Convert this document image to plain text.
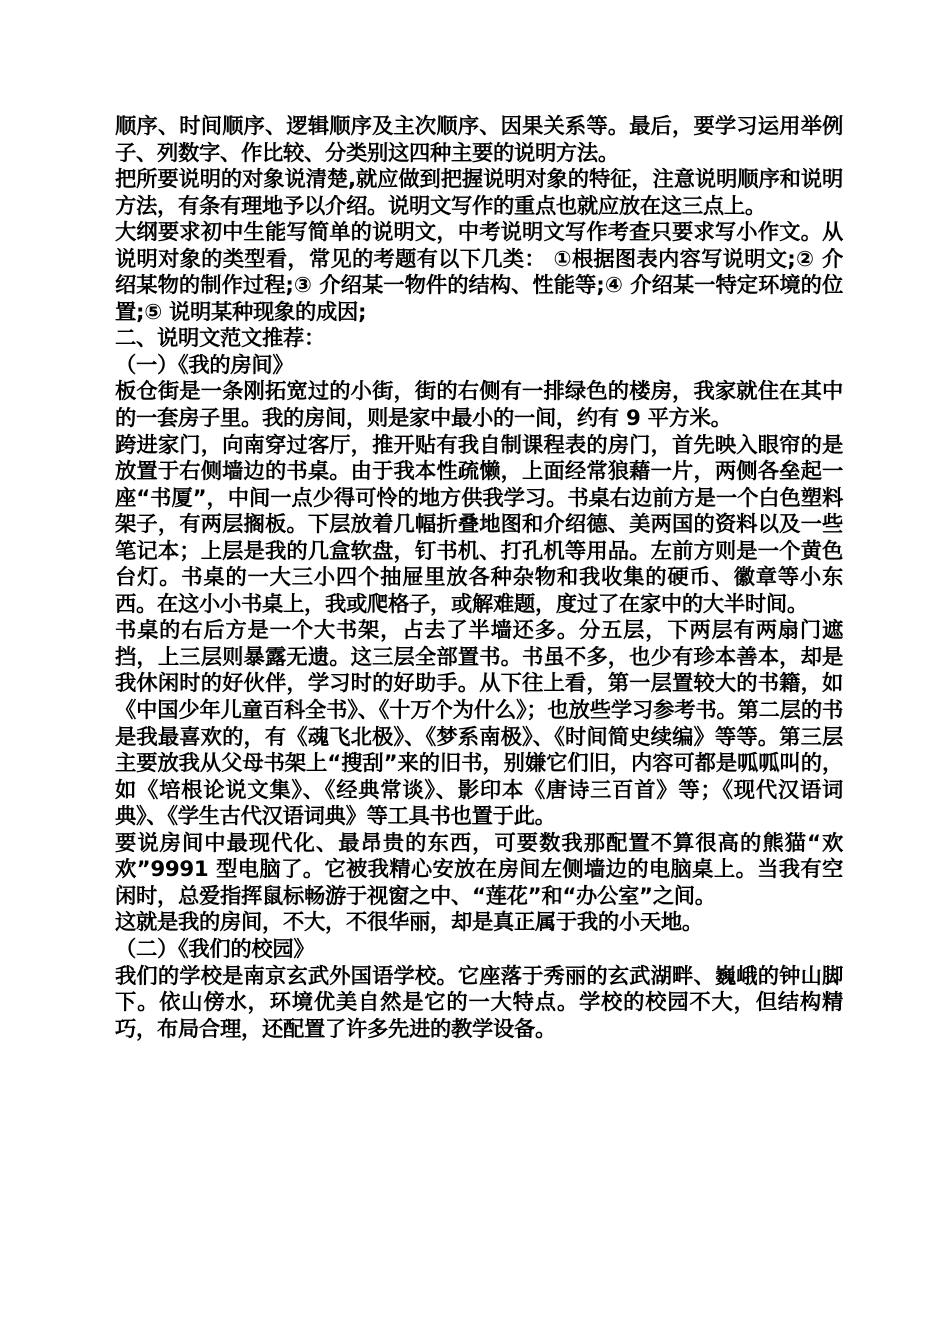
顺序、时间顺序、逻辑顺序及主次顺序、因果关系等。最后，要学习运用举例子、列数字、作比较、分类别这四种主要的说明方法。

把所要说明的对象说清楚,就应做到把握说明对象的特征，注意说明顺序和说明方法，有条有理地予以介绍。说明文写作的重点也就应放在这三点上。

大纲要求初中生能写简单的说明文，中考说明文写作考查只要求写小作文。从说明对象的类型看，常见的考题有以下几类： ①根据图表内容写说明文;② 介绍某物的制作过程;③ 介绍某一物件的结构、性能等;④ 介绍某一特定环境的位置;⑤ 说明某种现象的成因;

二、说明文范文推荐：

（一）《我的房间》

板仓街是一条刚拓宽过的小街，街的右侧有一排绿色的楼房，我家就住在其中的一套房子里。我的房间，则是家中最小的一间，约有 9 平方米。

跨进家门，向南穿过客厅，推开贴有我自制课程表的房门，首先映入眼帘的是放置于右侧墙边的书桌。由于我本性疏懒，上面经常狼藉一片，两侧各垒起一座“书厦”，中间一点少得可怜的地方供我学习。书桌右边前方是一个白色塑料架子，有两层搁板。下层放着几幅折叠地图和介绍德、美两国的资料以及一些笔记本；上层是我的几盒软盘，钉书机、打孔机等用品。左前方则是一个黄色台灯。书桌的一大三小四个抽屉里放各种杂物和我收集的硬币、徽章等小东西。在这小小书桌上，我或爬格子，或解难题，度过了在家中的大半时间。

书桌的右后方是一个大书架，占去了半墙还多。分五层，下两层有两扇门遮挡，上三层则暴露无遗。这三层全部置书。书虽不多，也少有珍本善本，却是我休闲时的好伙伴，学习时的好助手。从下往上看，第一层置较大的书籍，如《中国少年儿童百科全书》、《十万个为什么》；也放些学习参考书。第二层的书是我最喜欢的，有《魂飞北极》、《梦系南极》、《时间简史续编》等等。第三层主要放我从父母书架上“搜刮”来的旧书，别嫌它们旧，内容可都是呱呱叫的，如《培根论说文集》、《经典常谈》、影印本《唐诗三百首》等；《现代汉语词典》、《学生古代汉语词典》等工具书也置于此。

要说房间中最现代化、最昂贵的东西，可要数我那配置不算很高的熊猫“欢欢”9991 型电脑了。它被我精心安放在房间左侧墙边的电脑桌上。当我有空闲时，总爱指挥鼠标畅游于视窗之中、“莲花”和“办公室”之间。

这就是我的房间，不大，不很华丽，却是真正属于我的小天地。

（二）《我们的校园》

我们的学校是南京玄武外国语学校。它座落于秀丽的玄武湖畔、巍峨的钟山脚下。依山傍水，环境优美自然是它的一大特点。学校的校园不大，但结构精巧，布局合理，还配置了许多先进的教学设备。
